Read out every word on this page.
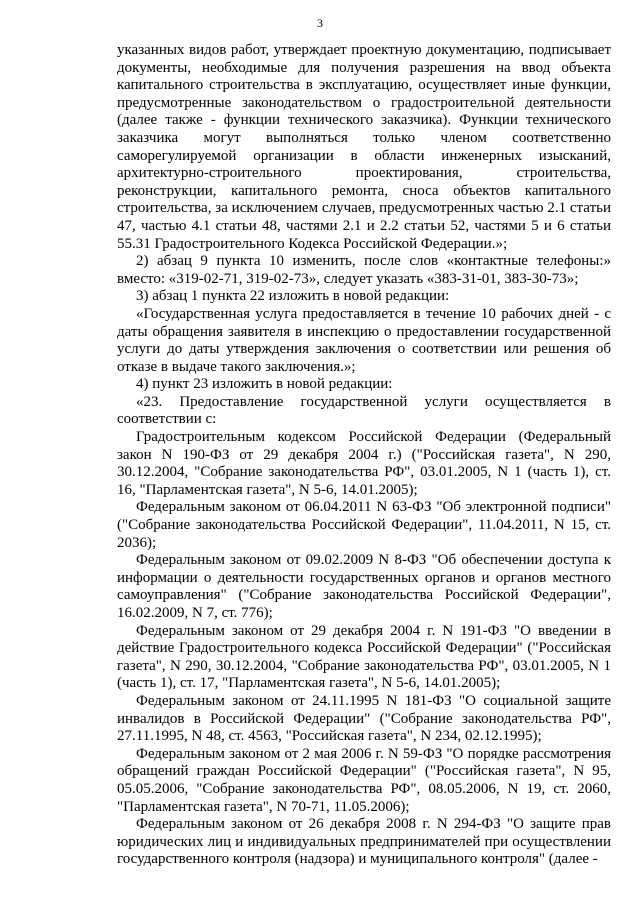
3

указанных видов работ, утверждает проектную документацию, подписывает документы, необходимые для получения разрешения на ввод объекта капитального строительства в эксплуатацию, осуществляет иные функции, предусмотренные законодательством о градостроительной деятельности (далее также - функции технического заказчика). Функции технического заказчика могут выполняться только членом соответственно саморегулируемой организации в области инженерных изысканий, архитектурно-строительного проектирования, строительства, реконструкции, капитального ремонта, сноса объектов капитального строительства, за исключением случаев, предусмотренных частью 2.1 статьи 47, частью 4.1 статьи 48, частями 2.1 и 2.2 статьи 52, частями 5 и 6 статьи 55.31 Градостроительного Кодекса Российской Федерации.»;

2) абзац 9 пункта 10 изменить, после слов «контактные телефоны:» вместо: «319-02-71, 319-02-73», следует указать «383-31-01, 383-30-73»;

3) абзац 1 пункта 22 изложить в новой редакции:

«Государственная услуга предоставляется в течение 10 рабочих дней - с даты обращения заявителя в инспекцию о предоставлении государственной услуги до даты утверждения заключения о соответствии или решения об отказе в выдаче такого заключения.»;

4) пункт 23 изложить в новой редакции:

«23. Предоставление государственной услуги осуществляется в соответствии с:

Градостроительным кодексом Российской Федерации (Федеральный закон N 190-ФЗ от 29 декабря 2004 г.) ("Российская газета", N 290, 30.12.2004, "Собрание законодательства РФ", 03.01.2005, N 1 (часть 1), ст. 16, "Парламентская газета", N 5-6, 14.01.2005);

Федеральным законом от 06.04.2011 N 63-ФЗ "Об электронной подписи" ("Собрание законодательства Российской Федерации", 11.04.2011, N 15, ст. 2036);

Федеральным законом от 09.02.2009 N 8-ФЗ "Об обеспечении доступа к информации о деятельности государственных органов и органов местного самоуправления" ("Собрание законодательства Российской Федерации", 16.02.2009, N 7, ст. 776);

Федеральным законом от 29 декабря 2004 г. N 191-ФЗ "О введении в действие Градостроительного кодекса Российской Федерации" ("Российская газета", N 290, 30.12.2004, "Собрание законодательства РФ", 03.01.2005, N 1 (часть 1), ст. 17, "Парламентская газета", N 5-6, 14.01.2005);

Федеральным законом от 24.11.1995 N 181-ФЗ "О социальной защите инвалидов в Российской Федерации" ("Собрание законодательства РФ", 27.11.1995, N 48, ст. 4563, "Российская газета", N 234, 02.12.1995);

Федеральным законом от 2 мая 2006 г. N 59-ФЗ "О порядке рассмотрения обращений граждан Российской Федерации" ("Российская газета", N 95, 05.05.2006, "Собрание законодательства РФ", 08.05.2006, N 19, ст. 2060, "Парламентская газета", N 70-71, 11.05.2006);

Федеральным законом от 26 декабря 2008 г. N 294-ФЗ "О защите прав юридических лиц и индивидуальных предпринимателей при осуществлении государственного контроля (надзора) и муниципального контроля" (далее -
